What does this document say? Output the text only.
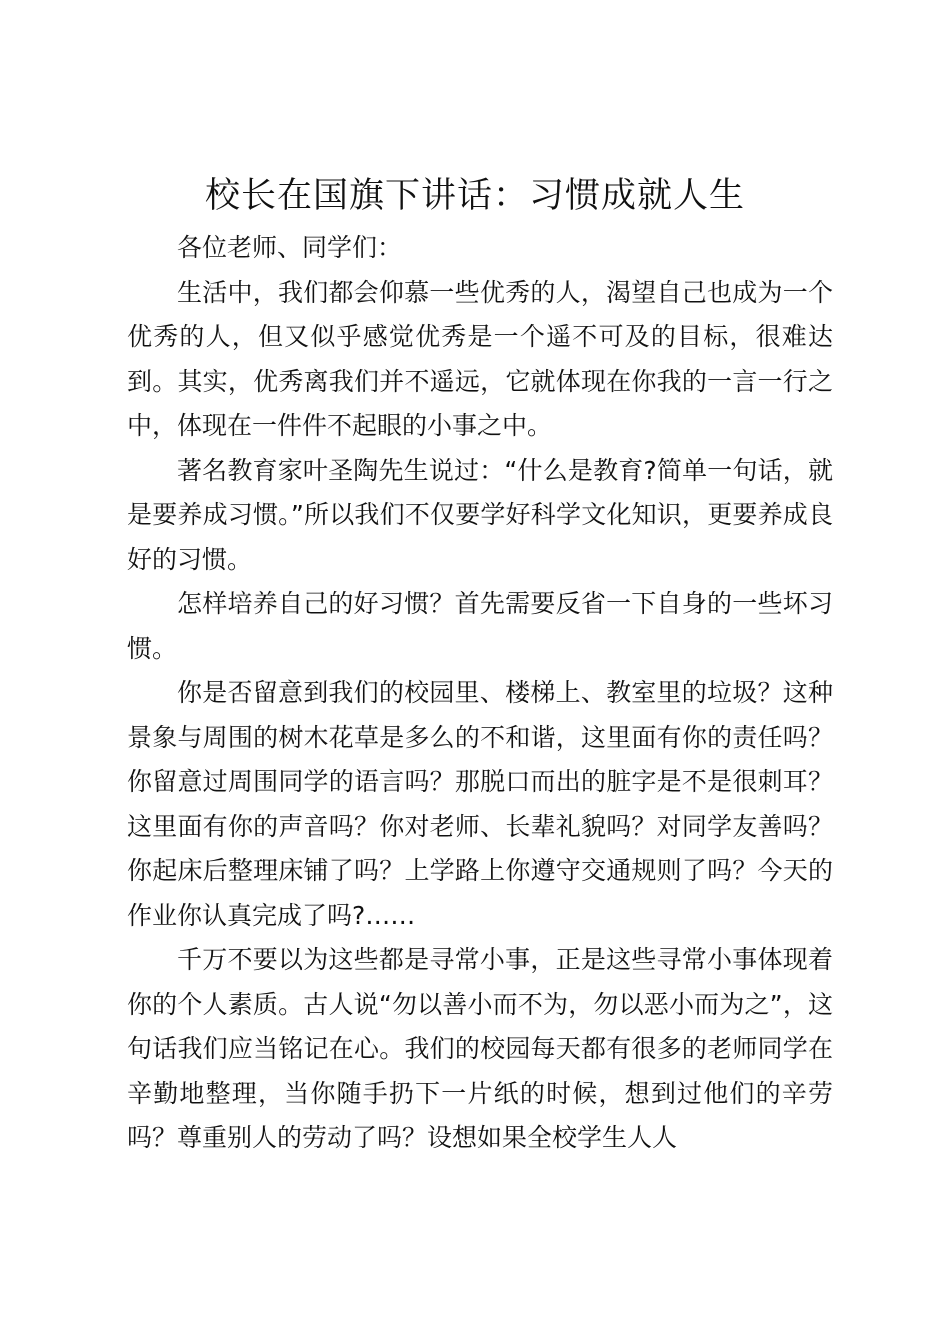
校长在国旗下讲话：习惯成就人生

各位老师、同学们：

生活中，我们都会仰慕一些优秀的人，渴望自己也成为一个优秀的人，但又似乎感觉优秀是一个遥不可及的目标，很难达到。其实，优秀离我们并不遥远，它就体现在你我的一言一行之中，体现在一件件不起眼的小事之中。

著名教育家叶圣陶先生说过：“什么是教育?简单一句话，就是要养成习惯。”所以我们不仅要学好科学文化知识，更要养成良好的习惯。

怎样培养自己的好习惯？首先需要反省一下自身的一些坏习惯。

你是否留意到我们的校园里、楼梯上、教室里的垃圾？这种景象与周围的树木花草是多么的不和谐，这里面有你的责任吗？你留意过周围同学的语言吗？那脱口而出的脏字是不是很刺耳？这里面有你的声音吗？你对老师、长辈礼貌吗？对同学友善吗？你起床后整理床铺了吗？上学路上你遵守交通规则了吗？今天的作业你认真完成了吗?……

千万不要以为这些都是寻常小事，正是这些寻常小事体现着你的个人素质。古人说“勿以善小而不为，勿以恶小而为之”，这句话我们应当铭记在心。我们的校园每天都有很多的老师同学在辛勤地整理，当你随手扔下一片纸的时候，想到过他们的辛劳吗？尊重别人的劳动了吗？设想如果全校学生人人
